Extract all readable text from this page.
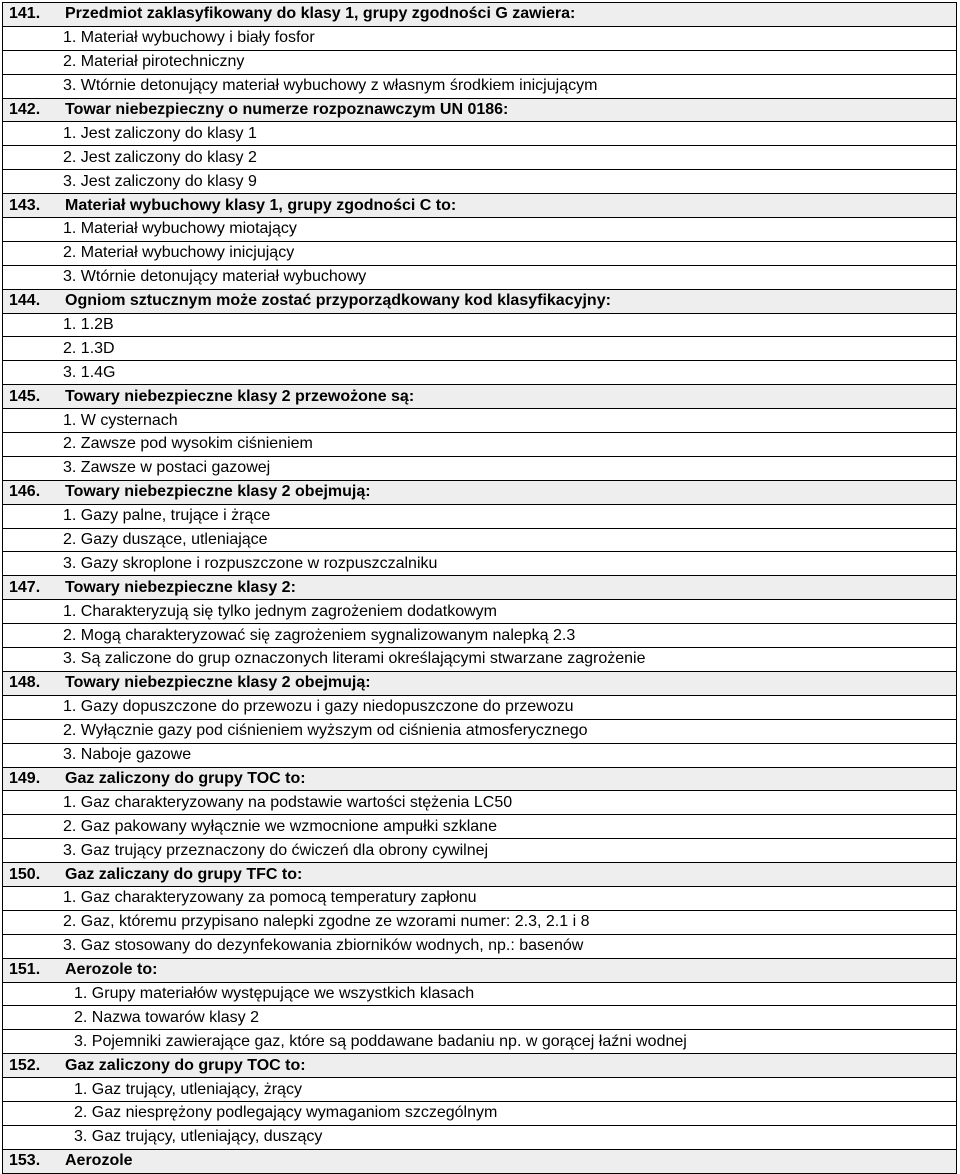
141. Przedmiot zaklasyfikowany do klasy 1, grupy zgodności G zawiera:
1. Materiał wybuchowy i biały fosfor
2. Materiał pirotechniczny
3. Wtórnie detonujący materiał wybuchowy z własnym środkiem inicjującym
142. Towar niebezpieczny o numerze rozpoznawczym UN 0186:
1. Jest zaliczony do klasy 1
2. Jest zaliczony do klasy 2
3. Jest zaliczony do klasy 9
143. Materiał wybuchowy klasy 1, grupy zgodności C to:
1. Materiał wybuchowy miotający
2. Materiał wybuchowy inicjujący
3. Wtórnie detonujący materiał wybuchowy
144. Ogniom sztucznym może zostać przyporządkowany kod klasyfikacyjny:
1. 1.2B
2. 1.3D
3. 1.4G
145. Towary niebezpieczne klasy 2 przewożone są:
1. W cysternach
2. Zawsze pod wysokim ciśnieniem
3. Zawsze w postaci gazowej
146. Towary niebezpieczne klasy 2 obejmują:
1. Gazy palne, trujące i żrące
2. Gazy duszące, utleniające
3. Gazy skroplone i rozpuszczone w rozpuszczalniku
147. Towary niebezpieczne klasy 2:
1. Charakteryzują się tylko jednym zagrożeniem dodatkowym
2. Mogą charakteryzować się zagrożeniem sygnalizowanym nalepką 2.3
3. Są zaliczone do grup oznaczonych literami określającymi stwarzane zagrożenie
148. Towary niebezpieczne klasy 2 obejmują:
1. Gazy dopuszczone do przewozu i gazy niedopuszczone do przewozu
2. Wyłącznie gazy pod ciśnieniem wyższym od ciśnienia atmosferycznego
3. Naboje gazowe
149. Gaz zaliczony do grupy TOC to:
1. Gaz charakteryzowany na podstawie wartości stężenia LC50
2. Gaz pakowany wyłącznie we wzmocnione ampułki szklane
3. Gaz trujący przeznaczony do ćwiczeń dla obrony cywilnej
150. Gaz zaliczany do grupy TFC to:
1. Gaz charakteryzowany za pomocą temperatury zapłonu
2. Gaz, któremu przypisano nalepki zgodne ze wzorami numer: 2.3, 2.1 i 8
3. Gaz stosowany do dezynfekowania zbiorników wodnych, np.: basenów
151. Aerozole to:
1. Grupy materiałów występujące we wszystkich klasach
2. Nazwa towarów klasy 2
3. Pojemniki zawierające gaz, które są poddawane badaniu np. w gorącej łaźni wodnej
152. Gaz zaliczony do grupy TOC to:
1. Gaz trujący, utleniający, żrący
2. Gaz niesprężony podlegający wymaganiom szczególnym
3. Gaz trujący, utleniający, duszący
153. Aerozole
